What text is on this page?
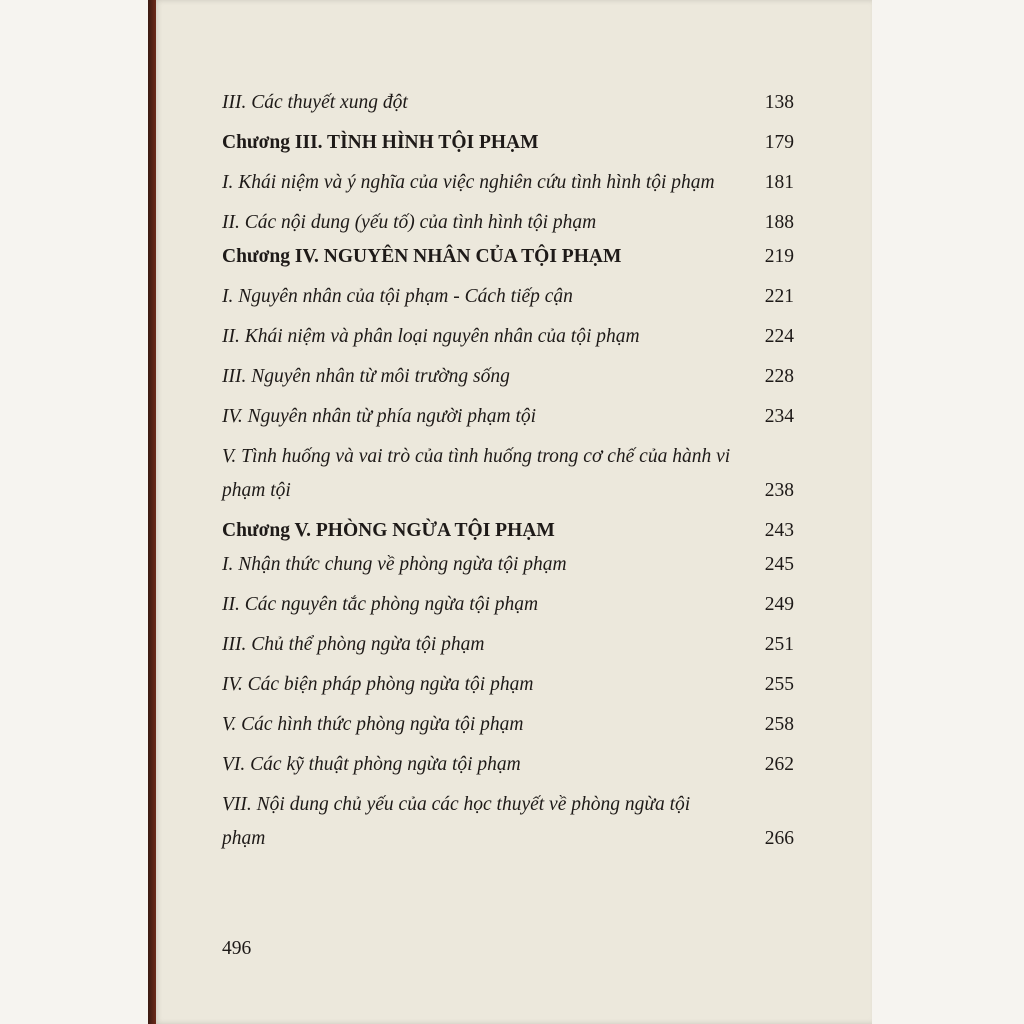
III. Các thuyết xung đột	138
Chương III. TÌNH HÌNH TỘI PHẠM	179
I. Khái niệm và ý nghĩa của việc nghiên cứu tình hình tội phạm	181
II. Các nội dung (yếu tố) của tình hình tội phạm	188
Chương IV. NGUYÊN NHÂN CỦA TỘI PHẠM	219
I. Nguyên nhân của tội phạm - Cách tiếp cận	221
II. Khái niệm và phân loại nguyên nhân của tội phạm	224
III. Nguyên nhân từ môi trường sống	228
IV. Nguyên nhân từ phía người phạm tội	234
V. Tình huống và vai trò của tình huống trong cơ chế của hành vi phạm tội	238
Chương V. PHÒNG NGỪA TỘI PHẠM	243
I. Nhận thức chung về phòng ngừa tội phạm	245
II. Các nguyên tắc phòng ngừa tội phạm	249
III. Chủ thể phòng ngừa tội phạm	251
IV. Các biện pháp phòng ngừa tội phạm	255
V. Các hình thức phòng ngừa tội phạm	258
VI. Các kỹ thuật phòng ngừa tội phạm	262
VII. Nội dung chủ yếu của các học thuyết về phòng ngừa tội phạm	266
496
